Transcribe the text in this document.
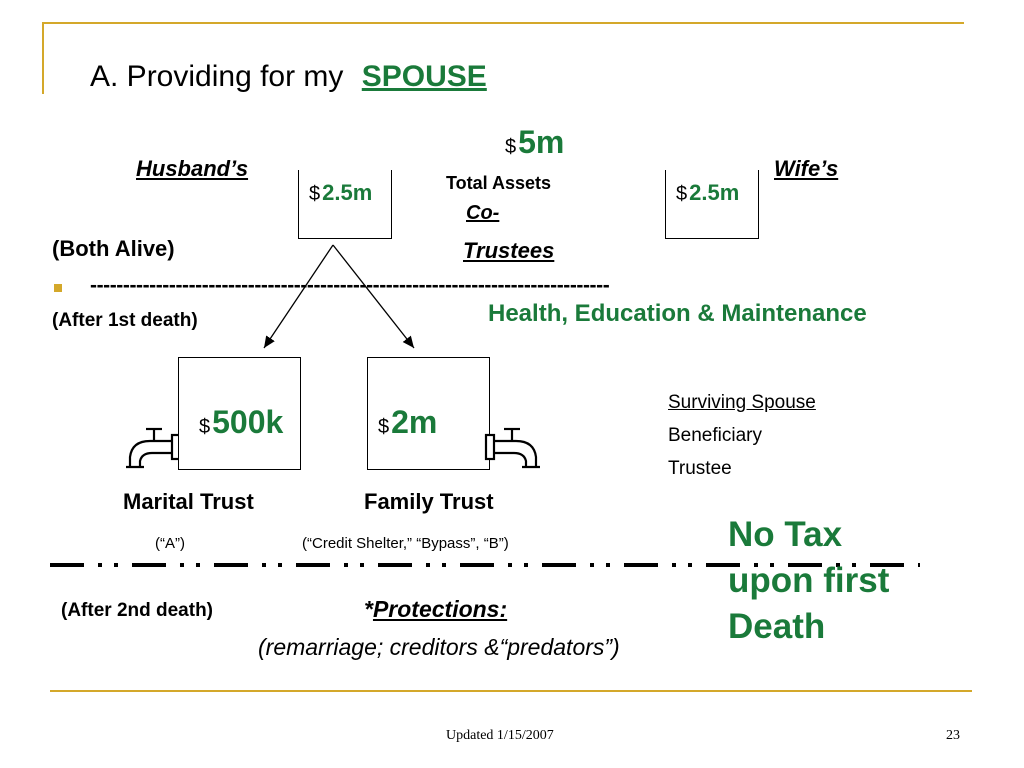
A. Providing for my SPOUSE
$5m
Total Assets
Husband’s	Wife’s
$2.5m	$2.5m
Co-
Trustees
(Both Alive)
-------------------------------------------------------------------------------
(After 1st death)	Health, Education & Maintenance
$500k	$2m
Surviving Spouse
Beneficiary
Trustee
Marital Trust	Family Trust
(“A”)	(“Credit Shelter,” “Bypass”, “B”)	No Tax
upon first
Death
(After 2nd death)	*Protections:
(remarriage; creditors &“predators”)
Updated 1/15/2007	23
